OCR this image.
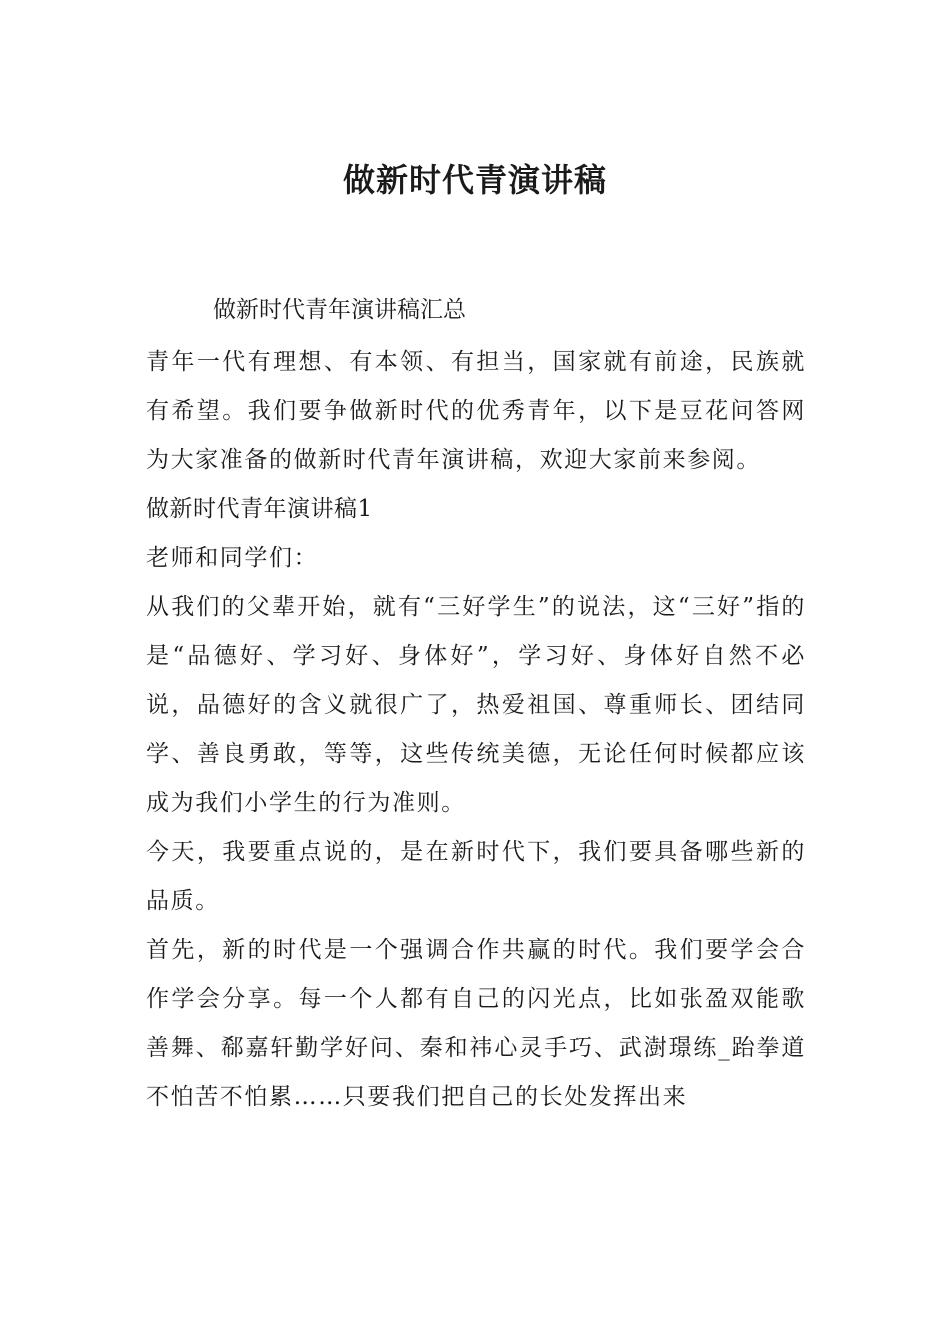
做新时代青演讲稿

做新时代青年演讲稿汇总

青年一代有理想、有本领、有担当，国家就有前途，民族就有希望。我们要争做新时代的优秀青年，以下是豆花问答网为大家准备的做新时代青年演讲稿，欢迎大家前来参阅。

做新时代青年演讲稿1

老师和同学们：

从我们的父辈开始，就有“三好学生”的说法，这“三好”指的是“品德好、学习好、身体好”，学习好、身体好自然不必说，品德好的含义就很广了，热爱祖国、尊重师长、团结同学、善良勇敢，等等，这些传统美德，无论任何时候都应该成为我们小学生的行为准则。

今天，我要重点说的，是在新时代下，我们要具备哪些新的品质。

首先，新的时代是一个强调合作共赢的时代。我们要学会合作学会分享。每一个人都有自己的闪光点，比如张盈双能歌善舞、郗嘉轩勤学好问、秦和祎心灵手巧、武澍璟练_跆拳道不怕苦不怕累……只要我们把自己的长处发挥出来
